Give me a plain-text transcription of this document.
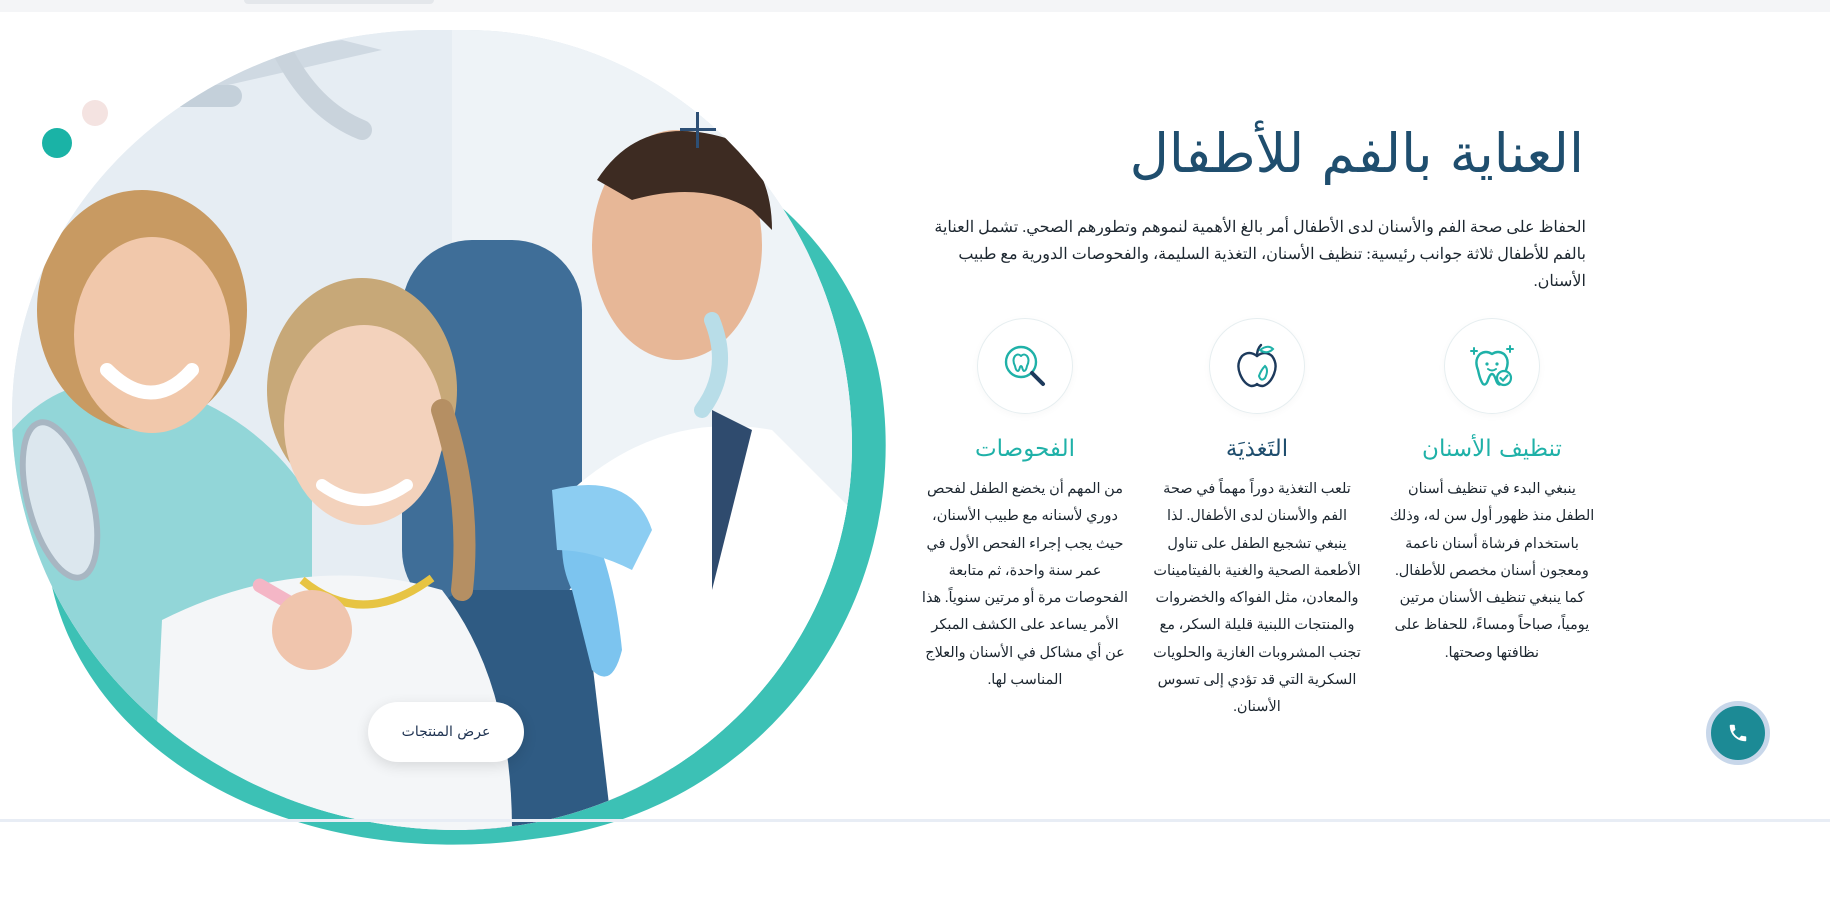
عرض المنتجات
العناية بالفم للأطفال

الحفاظ على صحة الفم والأسنان لدى الأطفال أمر بالغ الأهمية لنموهم وتطورهم الصحي. تشمل العناية بالفم للأطفال ثلاثة جوانب رئيسية: تنظيف الأسنان، التغذية السليمة، والفحوصات الدورية مع طبيب الأسنان.

تنظيف الأسنان

ينبغي البدء في تنظيف أسنان الطفل منذ ظهور أول سن له، وذلك باستخدام فرشاة أسنان ناعمة ومعجون أسنان مخصص للأطفال. كما ينبغي تنظيف الأسنان مرتين يومياً، صباحاً ومساءً، للحفاظ على نظافتها وصحتها.

التَغذيَة

تلعب التغذية دوراً مهماً في صحة الفم والأسنان لدى الأطفال. لذا ينبغي تشجيع الطفل على تناول الأطعمة الصحية والغنية بالفيتامينات والمعادن، مثل الفواكه والخضروات والمنتجات اللبنية قليلة السكر، مع تجنب المشروبات الغازية والحلويات السكرية التي قد تؤدي إلى تسوس الأسنان.

الفحوصات

من المهم أن يخضع الطفل لفحص دوري لأسنانه مع طبيب الأسنان، حيث يجب إجراء الفحص الأول في عمر سنة واحدة، ثم متابعة الفحوصات مرة أو مرتين سنوياً. هذا الأمر يساعد على الكشف المبكر عن أي مشاكل في الأسنان والعلاج المناسب لها.
